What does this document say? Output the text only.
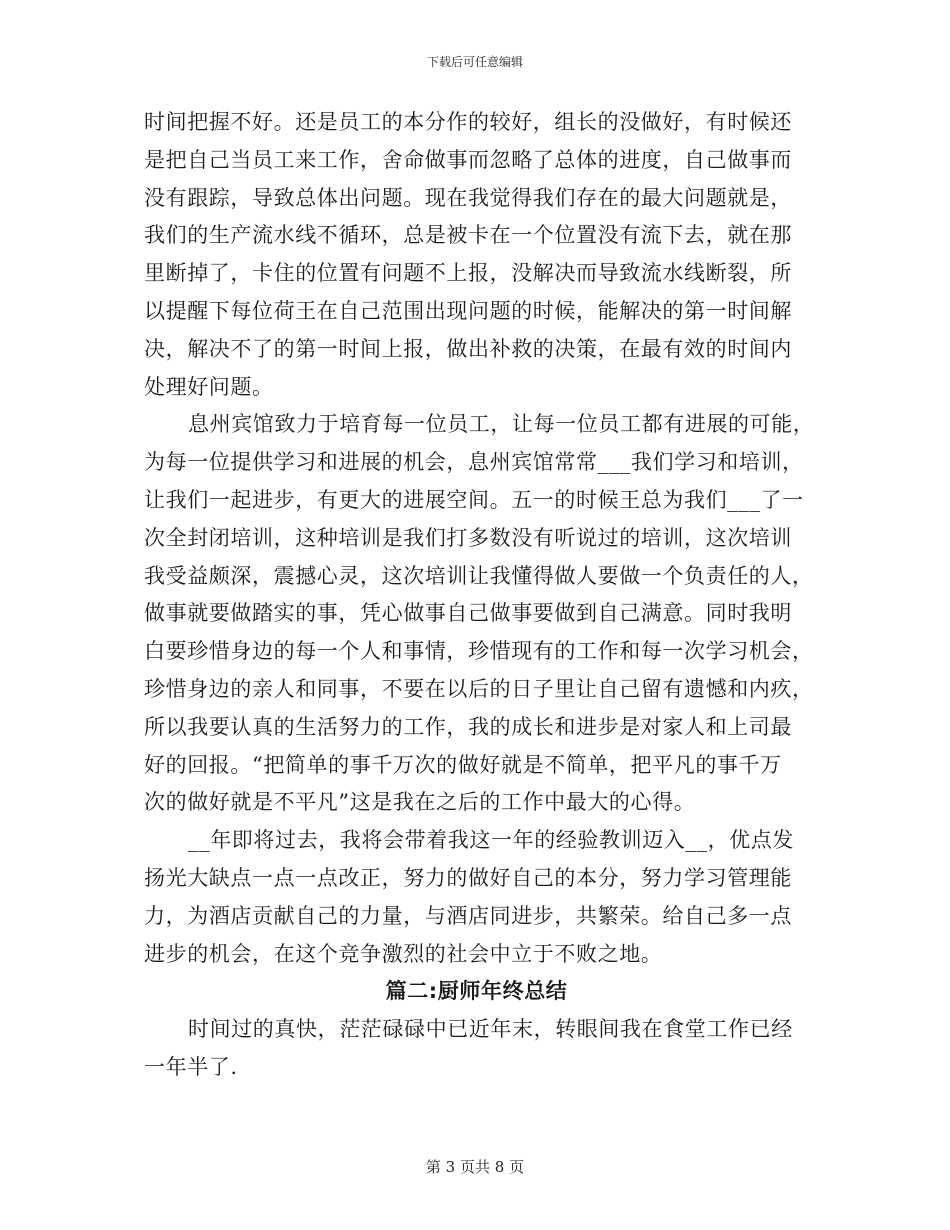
下载后可任意编辑
时间把握不好。还是员工的本分作的较好，组长的没做好，有时候还
是把自己当员工来工作，舍命做事而忽略了总体的进度，自己做事而
没有跟踪，导致总体出问题。现在我觉得我们存在的最大问题就是，
我们的生产流水线不循环，总是被卡在一个位置没有流下去，就在那
里断掉了，卡住的位置有问题不上报，没解决而导致流水线断裂，所
以提醒下每位荷王在自己范围出现问题的时候，能解决的第一时间解
决，解决不了的第一时间上报，做出补救的决策，在最有效的时间内
处理好问题。
息州宾馆致力于培育每一位员工，让每一位员工都有进展的可能，
为每一位提供学习和进展的机会，息州宾馆常常___我们学习和培训，
让我们一起进步，有更大的进展空间。五一的时候王总为我们___了一
次全封闭培训，这种培训是我们打多数没有听说过的培训，这次培训
我受益颇深，震撼心灵，这次培训让我懂得做人要做一个负责任的人，
做事就要做踏实的事，凭心做事自己做事要做到自己满意。同时我明
白要珍惜身边的每一个人和事情，珍惜现有的工作和每一次学习机会，
珍惜身边的亲人和同事，不要在以后的日子里让自己留有遗憾和内疚，
所以我要认真的生活努力的工作，我的成长和进步是对家人和上司最
好的回报。“把简单的事千万次的做好就是不简单，把平凡的事千万
次的做好就是不平凡”这是我在之后的工作中最大的心得。
__年即将过去，我将会带着我这一年的经验教训迈入__，优点发
扬光大缺点一点一点改正，努力的做好自己的本分，努力学习管理能
力，为酒店贡献自己的力量，与酒店同进步，共繁荣。给自己多一点
进步的机会，在这个竞争激烈的社会中立于不败之地。
篇二:厨师年终总结
时间过的真快，茫茫碌碌中已近年末，转眼间我在食堂工作已经
一年半了.
第 3 页共 8 页
